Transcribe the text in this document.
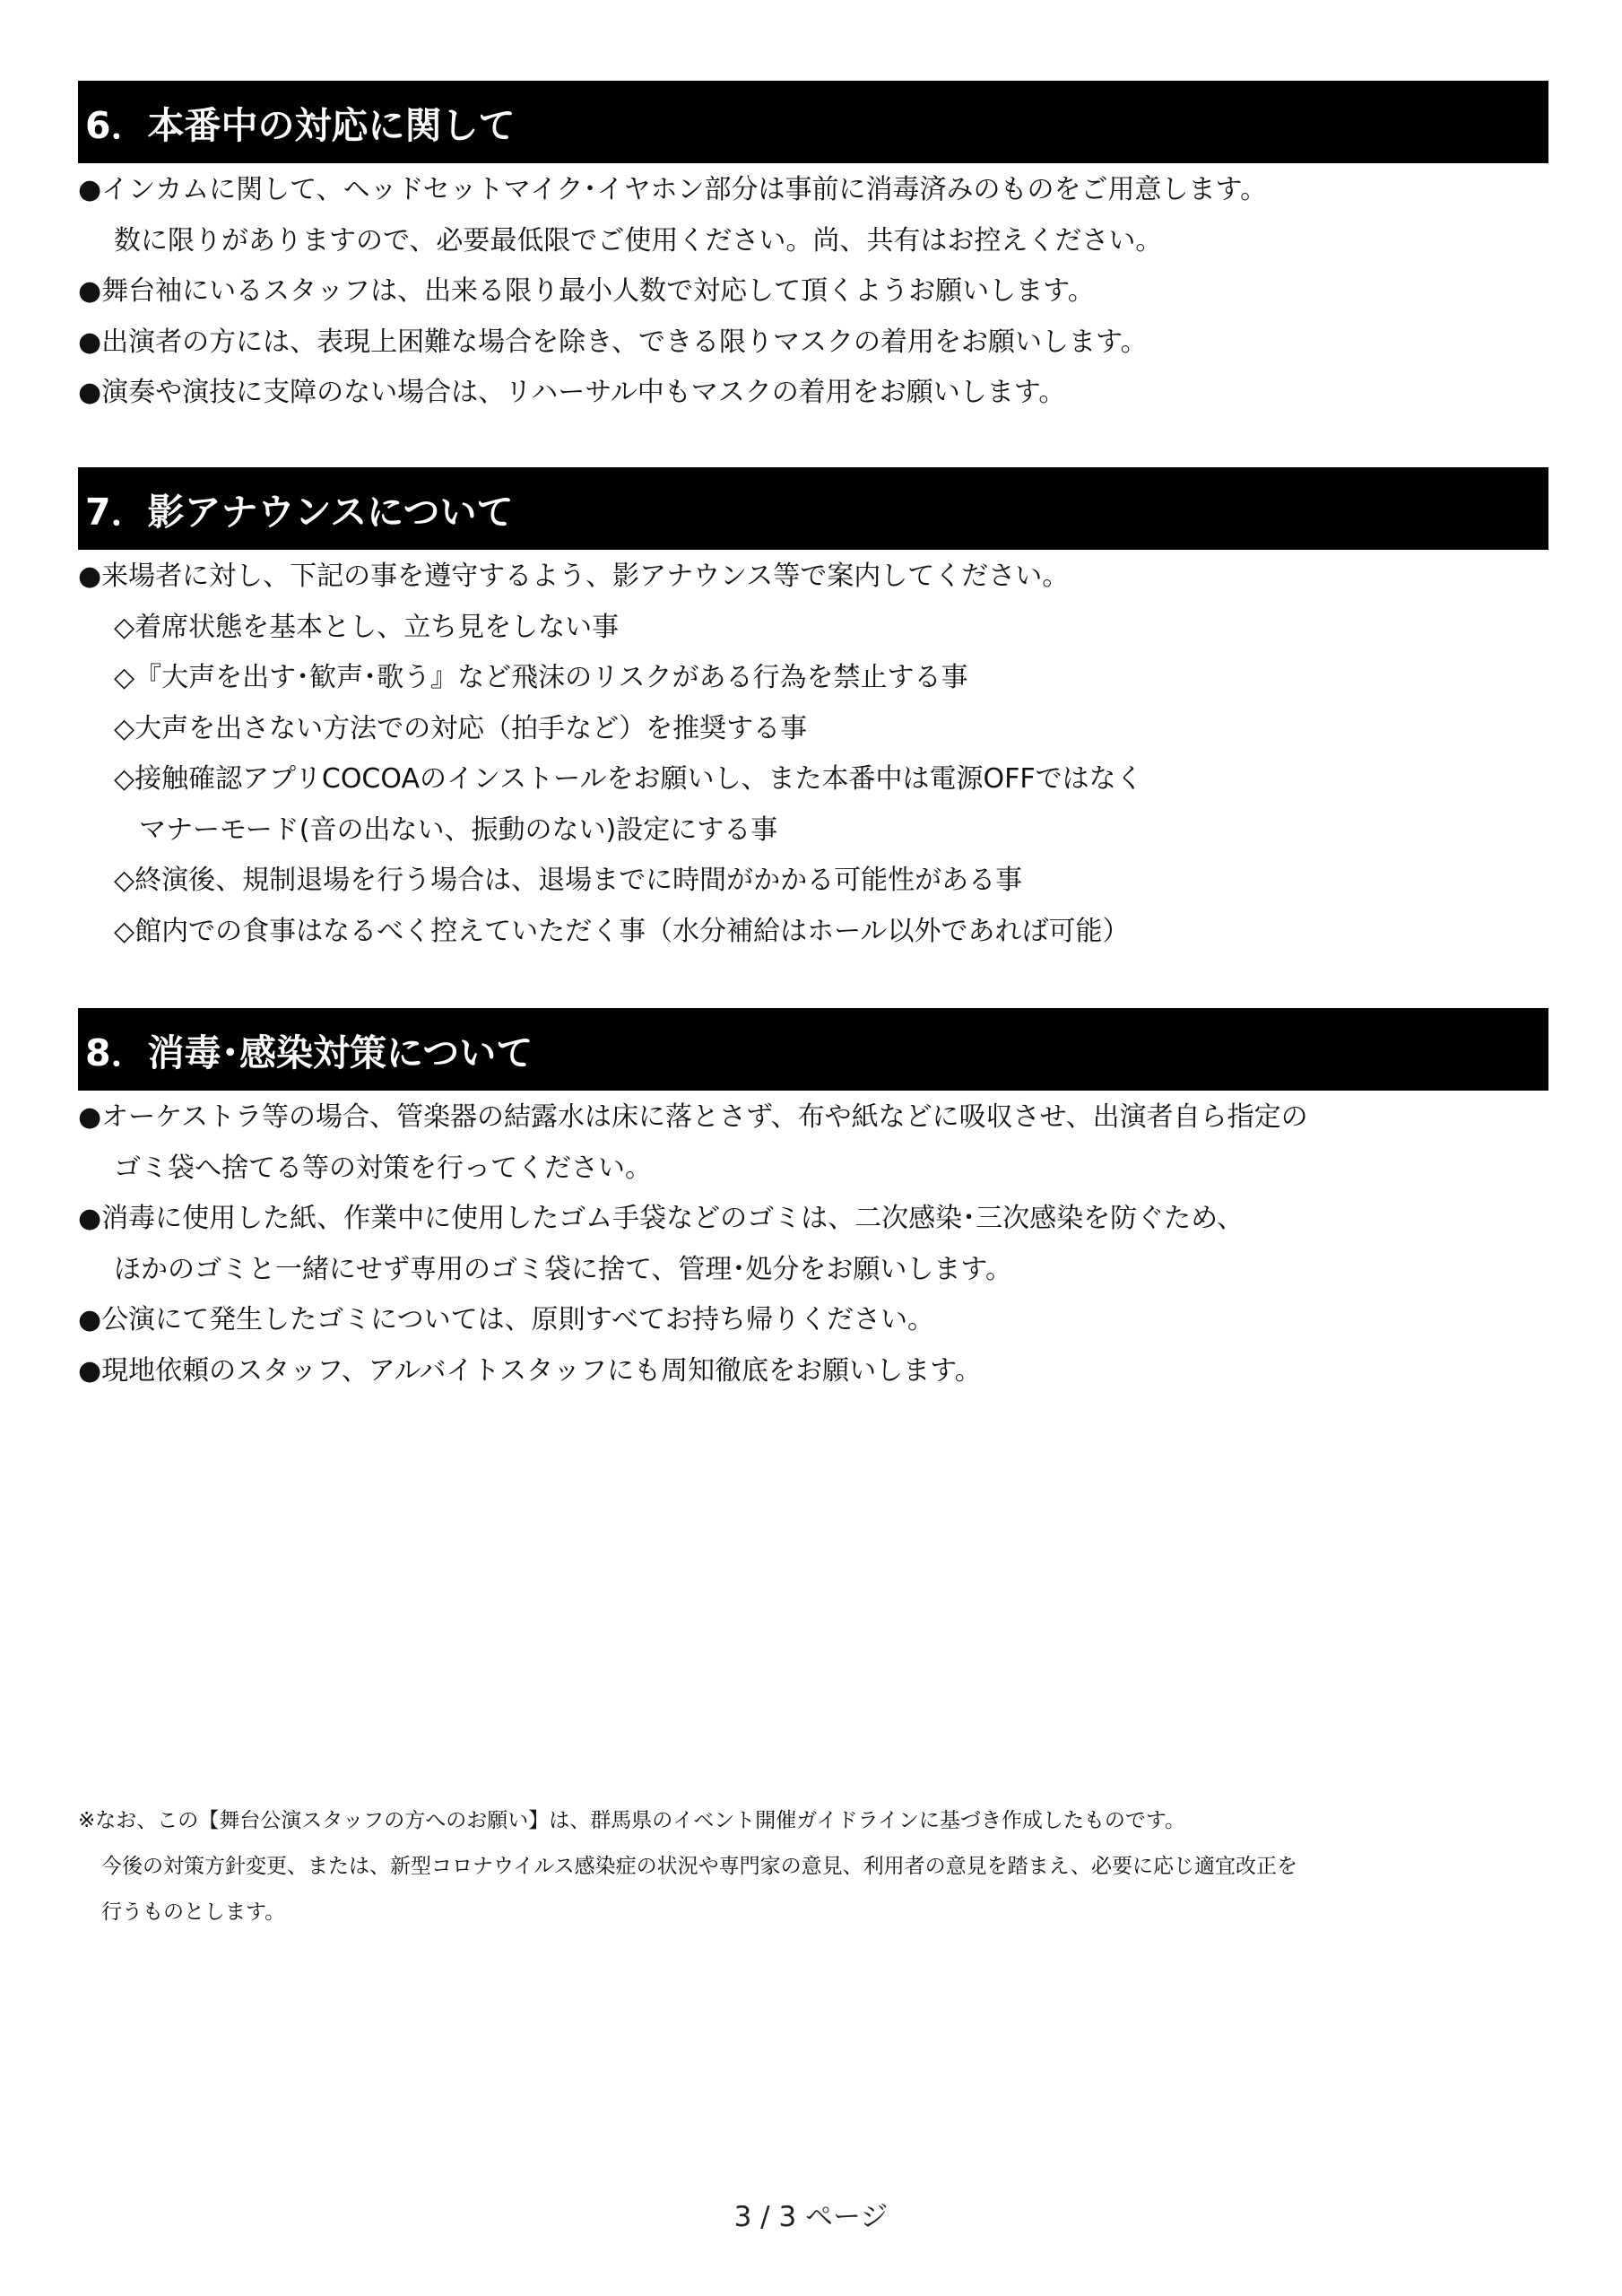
6．本番中の対応に関して
●インカムに関して、ヘッドセットマイク･イヤホン部分は事前に消毒済みのものをご用意します。
数に限りがありますので、必要最低限でご使用ください。尚、共有はお控えください。
●舞台袖にいるスタッフは、出来る限り最小人数で対応して頂くようお願いします。
●出演者の方には、表現上困難な場合を除き、できる限りマスクの着用をお願いします。
●演奏や演技に支障のない場合は、リハーサル中もマスクの着用をお願いします。
7．影アナウンスについて
●来場者に対し、下記の事を遵守するよう、影アナウンス等で案内してください。
◇着席状態を基本とし、立ち見をしない事
◇『大声を出す･歓声･歌う』など飛沫のリスクがある行為を禁止する事
◇大声を出さない方法での対応（拍手など）を推奨する事
◇接触確認アプリCOCOAのインストールをお願いし、また本番中は電源OFFではなく
マナーモード(音の出ない、振動のない)設定にする事
◇終演後、規制退場を行う場合は、退場までに時間がかかる可能性がある事
◇館内での食事はなるべく控えていただく事（水分補給はホール以外であれば可能）
8．消毒･感染対策について
●オーケストラ等の場合、管楽器の結露水は床に落とさず、布や紙などに吸収させ、出演者自ら指定の
ゴミ袋へ捨てる等の対策を行ってください。
●消毒に使用した紙、作業中に使用したゴム手袋などのゴミは、二次感染･三次感染を防ぐため、
ほかのゴミと一緒にせず専用のゴミ袋に捨て、管理･処分をお願いします。
●公演にて発生したゴミについては、原則すべてお持ち帰りください。
●現地依頼のスタッフ、アルバイトスタッフにも周知徹底をお願いします。
※なお、この【舞台公演スタッフの方へのお願い】は、群馬県のイベント開催ガイドラインに基づき作成したものです。
今後の対策方針変更、または、新型コロナウイルス感染症の状況や専門家の意見、利用者の意見を踏まえ、必要に応じ適宜改正を
行うものとします。
3 / 3 ページ
